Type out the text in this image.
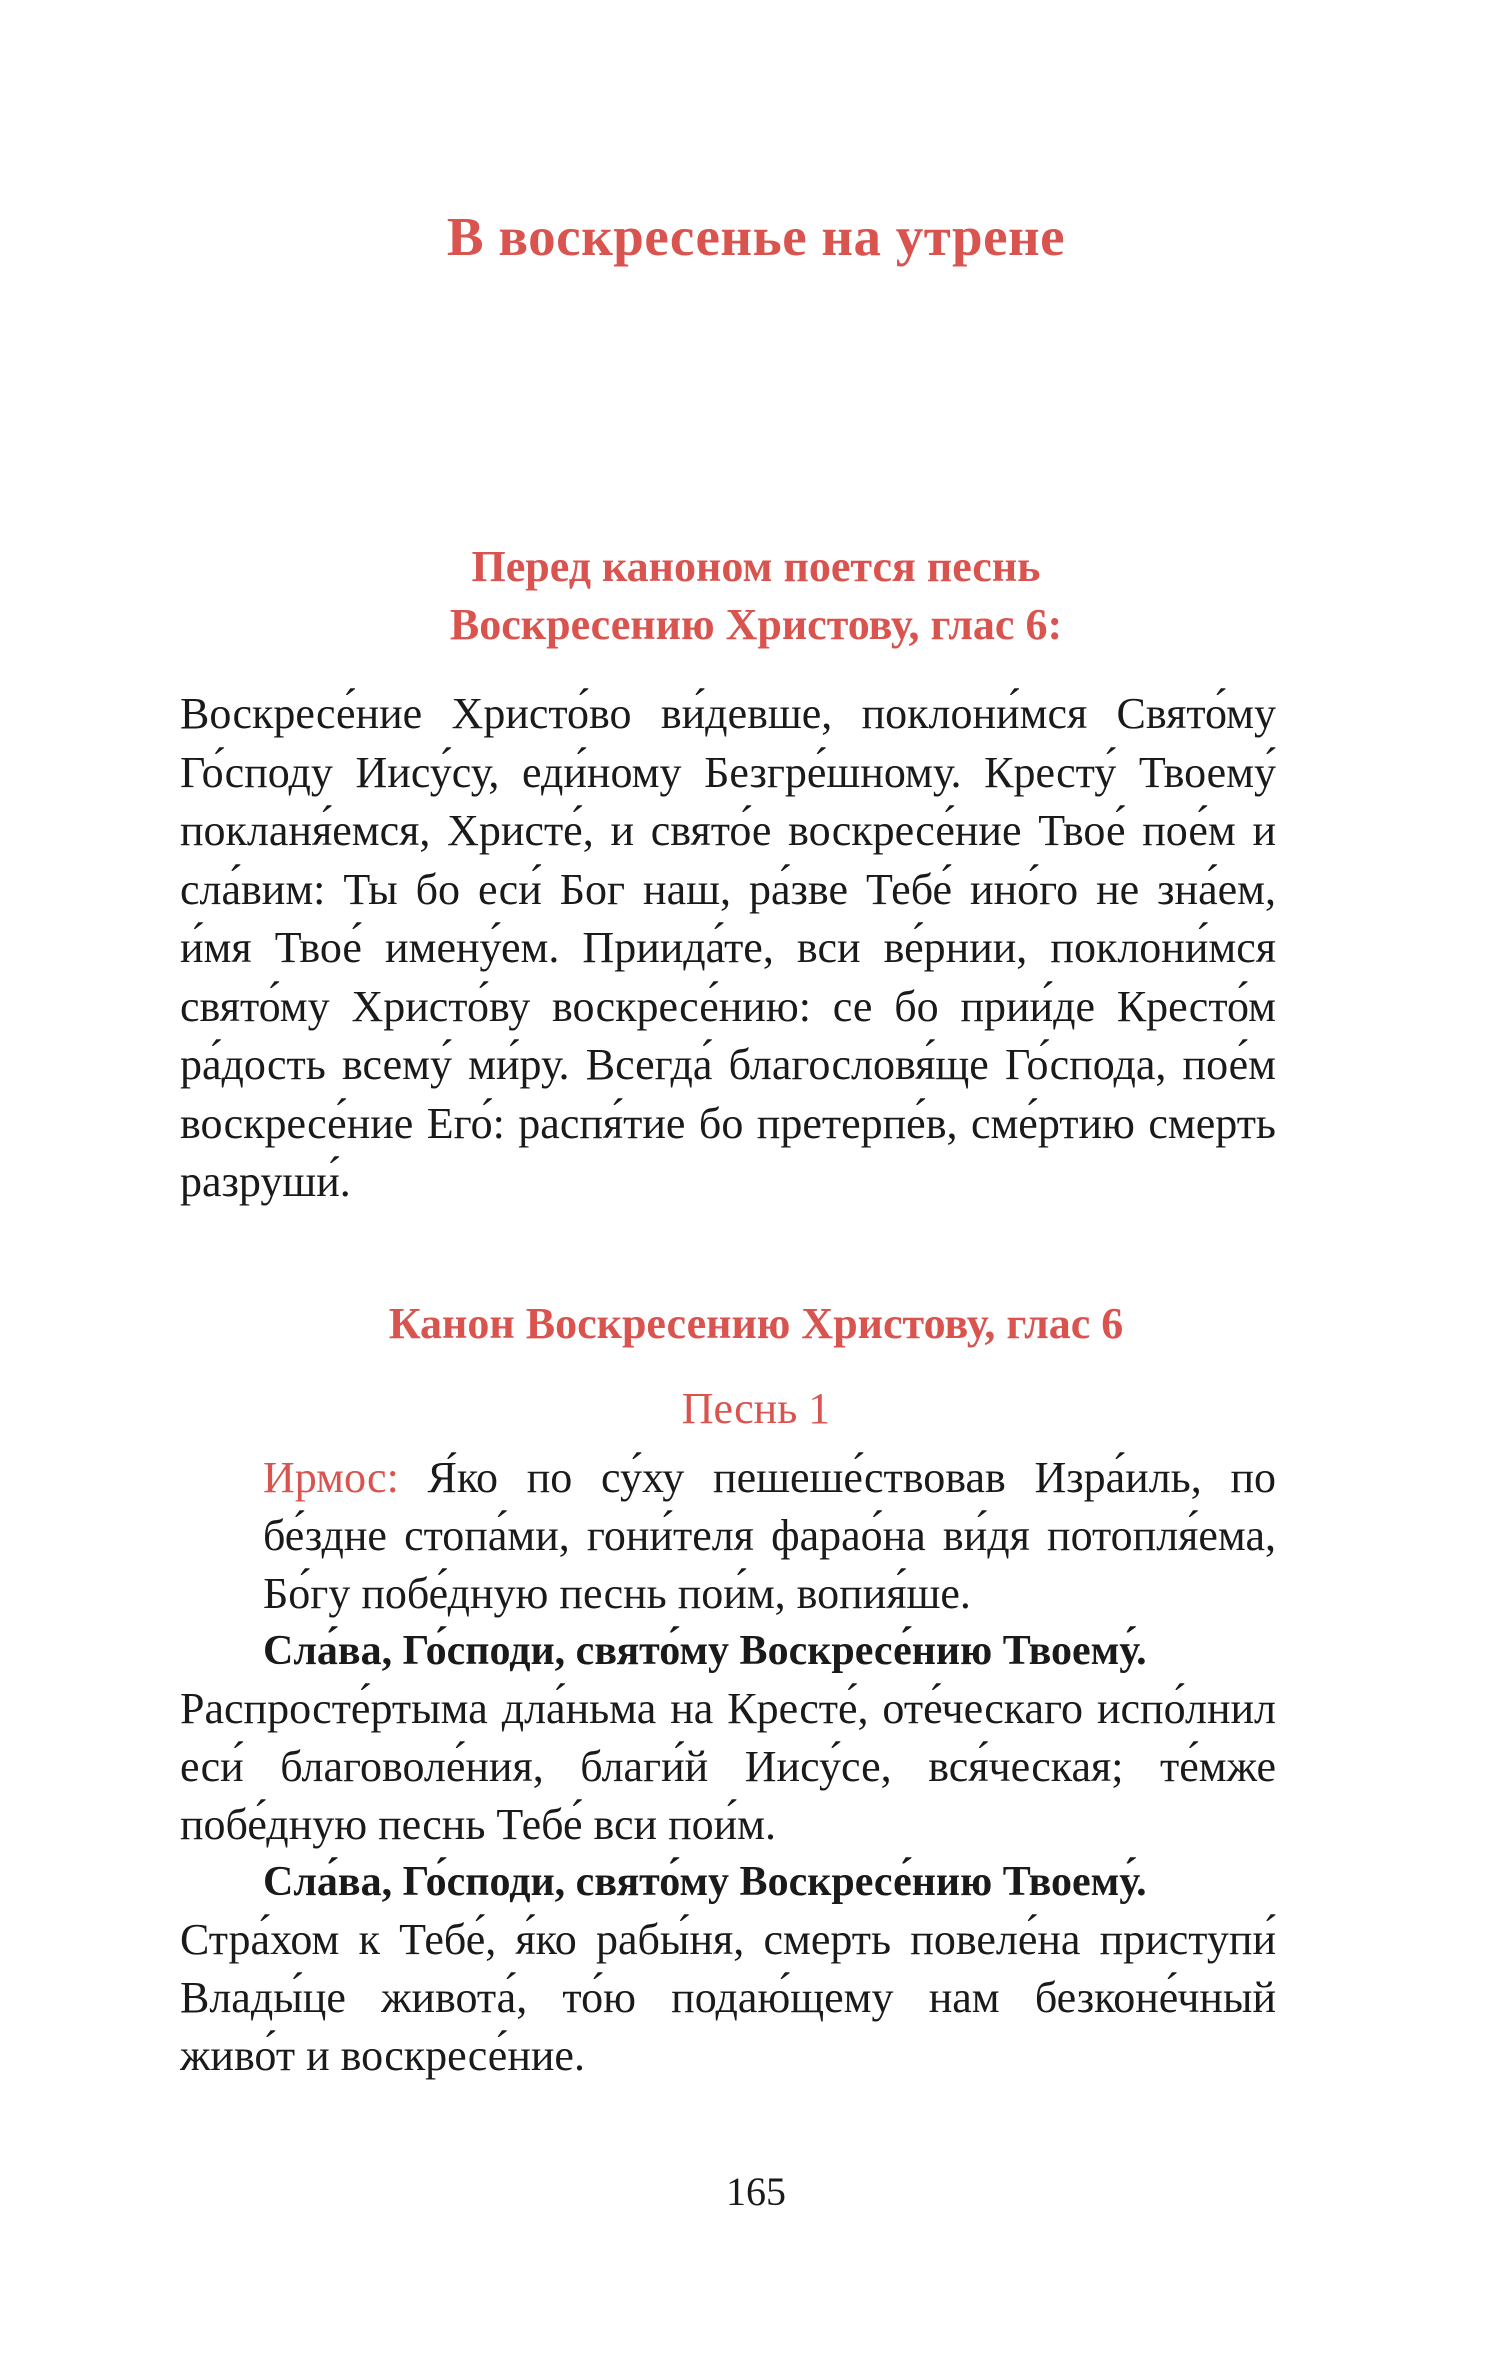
В воскресенье на утрене
Перед каноном поется песнь
Воскресению Христову, глас 6:
Воскресе́ние Христо́во ви́девше, поклони́мся Свято́му Го́споду Иису́су, еди́ному Безгре́шному. Кресту́ Твоему́ покланя́емся, Христе́, и свято́е воскресе́ние Твое́ пое́м и сла́вим: Ты бо еси́ Бог наш, ра́зве Тебе́ ино́го не зна́ем, и́мя Твое́ имену́ем. Приида́те, вси ве́рнии, поклони́мся свято́му Христо́ву воскресе́нию: се бо прии́де Кресто́м ра́дость всему́ ми́ру. Всегда́ благословя́ще Го́спода, пое́м воскресе́ние Его́: распя́тие бо претерпе́в, сме́ртию смерть разруши́.
Канон Воскресению Христову, глас 6
Песнь 1
Ирмос: Я́ко по су́ху пешеше́ствовав Изра́иль, по бе́здне стопа́ми, гони́теля фарао́на ви́дя потопля́ема, Бо́гу побе́дную песнь пои́м, вопия́ше.
Сла́ва, Го́споди, свято́му Воскресе́нию Твоему́.
Распросте́ртыма дла́ньма на Кресте́, оте́ческаго испо́лнил еси́ благоволе́ния, благи́й Иису́се, вся́ческая; те́мже побе́дную песнь Тебе́ вси пои́м.
Сла́ва, Го́споди, свято́му Воскресе́нию Твоему́.
Стра́хом к Тебе́, я́ко рабы́ня, смерть повеле́на приступи́ Влады́це живота́, то́ю подаю́щему нам безконе́чный живо́т и воскресе́ние.
165
